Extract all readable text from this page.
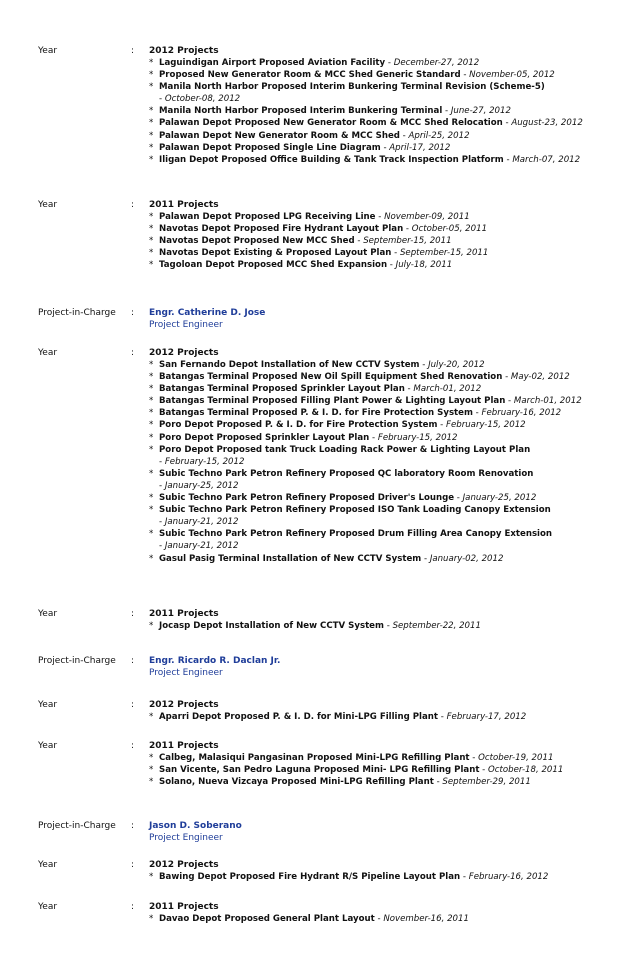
Year	: 2012 Projects
* Laguindigan Airport Proposed Aviation Facility - December-27, 2012
* Proposed New Generator Room & MCC Shed Generic Standard - November-05, 2012
* Manila North Harbor Proposed Interim Bunkering Terminal Revision (Scheme-5)
- October-08, 2012
* Manila North Harbor Proposed Interim Bunkering Terminal - June-27, 2012
* Palawan Depot Proposed New Generator Room & MCC Shed Relocation - August-23, 2012
* Palawan Depot New Generator Room & MCC Shed - April-25, 2012
* Palawan Depot Proposed Single Line Diagram - April-17, 2012
* Iligan Depot Proposed Office Building & Tank Track Inspection Platform - March-07, 2012
Year	: 2011 Projects
* Palawan Depot Proposed LPG Receiving Line - November-09, 2011
* Navotas Depot Proposed Fire Hydrant Layout Plan - October-05, 2011
* Navotas Depot Proposed New MCC Shed - September-15, 2011
* Navotas Depot Existing & Proposed Layout Plan - September-15, 2011
* Tagoloan Depot Proposed MCC Shed Expansion - July-18, 2011
Project-in-Charge : Engr. Catherine D. Jose
Project Engineer
Year	: 2012 Projects
* San Fernando Depot Installation of New CCTV System - July-20, 2012
* Batangas Terminal Proposed New Oil Spill Equipment Shed Renovation - May-02, 2012
* Batangas Terminal Proposed Sprinkler Layout Plan - March-01, 2012
* Batangas Terminal Proposed Filling Plant Power & Lighting Layout Plan - March-01, 2012
* Batangas Terminal Proposed P. & I. D. for Fire Protection System - February-16, 2012
* Poro Depot Proposed P. & I. D. for Fire Protection System - February-15, 2012
* Poro Depot Proposed Sprinkler Layout Plan - February-15, 2012
* Poro Depot Proposed tank Truck Loading Rack Power & Lighting Layout Plan
- February-15, 2012
* Subic Techno Park Petron Refinery Proposed QC laboratory Room Renovation
- January-25, 2012
* Subic Techno Park Petron Refinery Proposed Driver's Lounge - January-25, 2012
* Subic Techno Park Petron Refinery Proposed ISO Tank Loading Canopy Extension
- January-21, 2012
* Subic Techno Park Petron Refinery Proposed Drum Filling Area Canopy Extension
- January-21, 2012
* Gasul Pasig Terminal Installation of New CCTV System - January-02, 2012
Year	: 2011 Projects
* Jocasp Depot Installation of New CCTV System - September-22, 2011
Project-in-Charge : Engr. Ricardo R. Daclan Jr.
Project Engineer
Year	: 2012 Projects
* Aparri Depot Proposed P. & I. D. for Mini-LPG Filling Plant - February-17, 2012
Year	: 2011 Projects
* Calbeg, Malasiqui Pangasinan Proposed Mini-LPG Refilling Plant - October-19, 2011
* San Vicente, San Pedro Laguna Proposed Mini- LPG Refilling Plant - October-18, 2011
* Solano, Nueva Vizcaya Proposed Mini-LPG Refilling Plant - September-29, 2011
Project-in-Charge : Jason D. Soberano
Project Engineer
Year	: 2012 Projects
* Bawing Depot Proposed Fire Hydrant R/S Pipeline Layout Plan - February-16, 2012
Year	: 2011 Projects
* Davao Depot Proposed General Plant Layout - November-16, 2011
